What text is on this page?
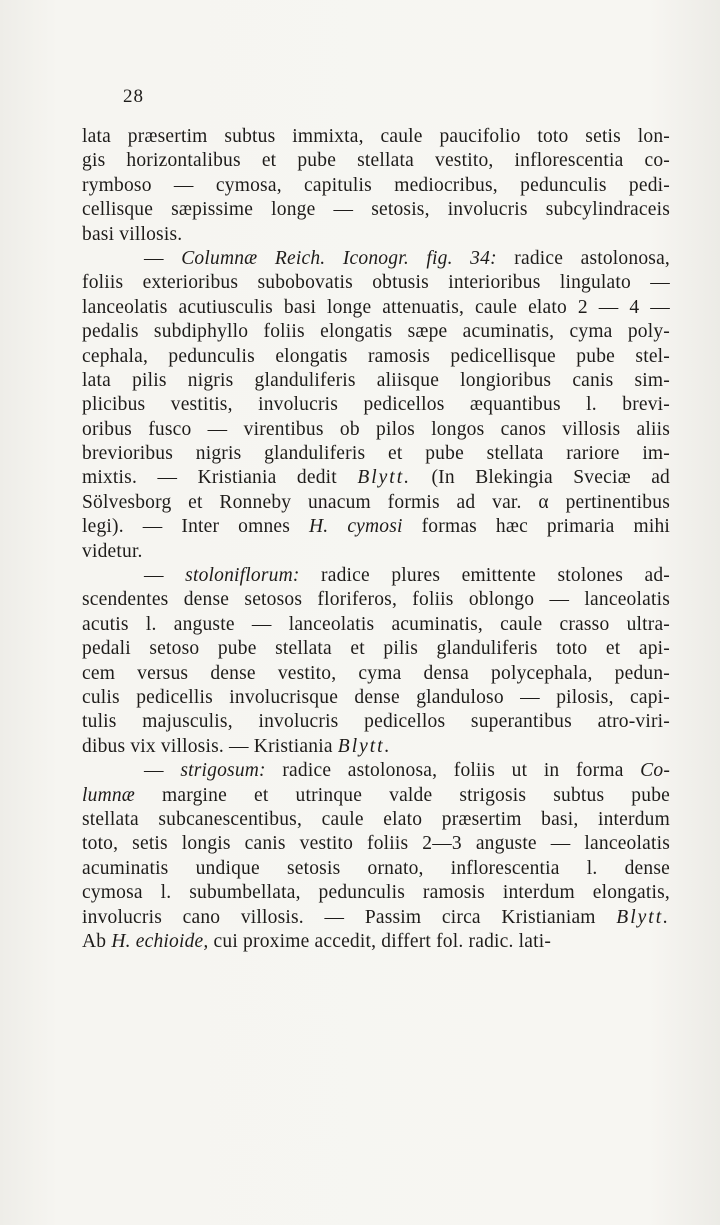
28
lata præsertim subtus immixta, caule paucifolio toto setis lon-
gis horizontalibus et pube stellata vestito, inflorescentia co-
rymboso — cymosa, capitulis mediocribus, pedunculis pedi-
cellisque sæpissime longe — setosis, involucris subcylindraceis
basi villosis.
— Columnæ Reich. Iconogr. fig. 34: radice astolonosa,
foliis exterioribus subobovatis obtusis interioribus lingulato —
lanceolatis acutiusculis basi longe attenuatis, caule elato 2 — 4 —
pedalis subdiphyllo foliis elongatis sæpe acuminatis, cyma poly-
cephala, pedunculis elongatis ramosis pedicellisque pube stel-
lata pilis nigris glanduliferis aliisque longioribus canis sim-
plicibus vestitis, involucris pedicellos æquantibus l. brevi-
oribus fusco — virentibus ob pilos longos canos villosis aliis
brevioribus nigris glanduliferis et pube stellata rariore im-
mixtis. — Kristiania dedit Blytt. (In Blekingia Sveciæ ad
Sölvesborg et Ronneby unacum formis ad var. α pertinentibus
legi). — Inter omnes H. cymosi formas hæc primaria mihi
videtur.
— stoloniflorum: radice plures emittente stolones ad-
scendentes dense setosos floriferos, foliis oblongo — lanceolatis
acutis l. anguste — lanceolatis acuminatis, caule crasso ultra-
pedali setoso pube stellata et pilis glanduliferis toto et api-
cem versus dense vestito, cyma densa polycephala, pedun-
culis pedicellis involucrisque dense glanduloso — pilosis, capi-
tulis majusculis, involucris pedicellos superantibus atro-viri-
dibus vix villosis. — Kristiania Blytt.
— strigosum: radice astolonosa, foliis ut in forma Co-
lumnæ margine et utrinque valde strigosis subtus pube
stellata subcanescentibus, caule elato præsertim basi, interdum
toto, setis longis canis vestito foliis 2—3 anguste — lanceolatis
acuminatis undique setosis ornato, inflorescentia l. dense
cymosa l. subumbellata, pedunculis ramosis interdum elongatis,
involucris cano villosis. — Passim circa Kristianiam Blytt.
Ab H. echioide, cui proxime accedit, differt fol. radic. lati-
